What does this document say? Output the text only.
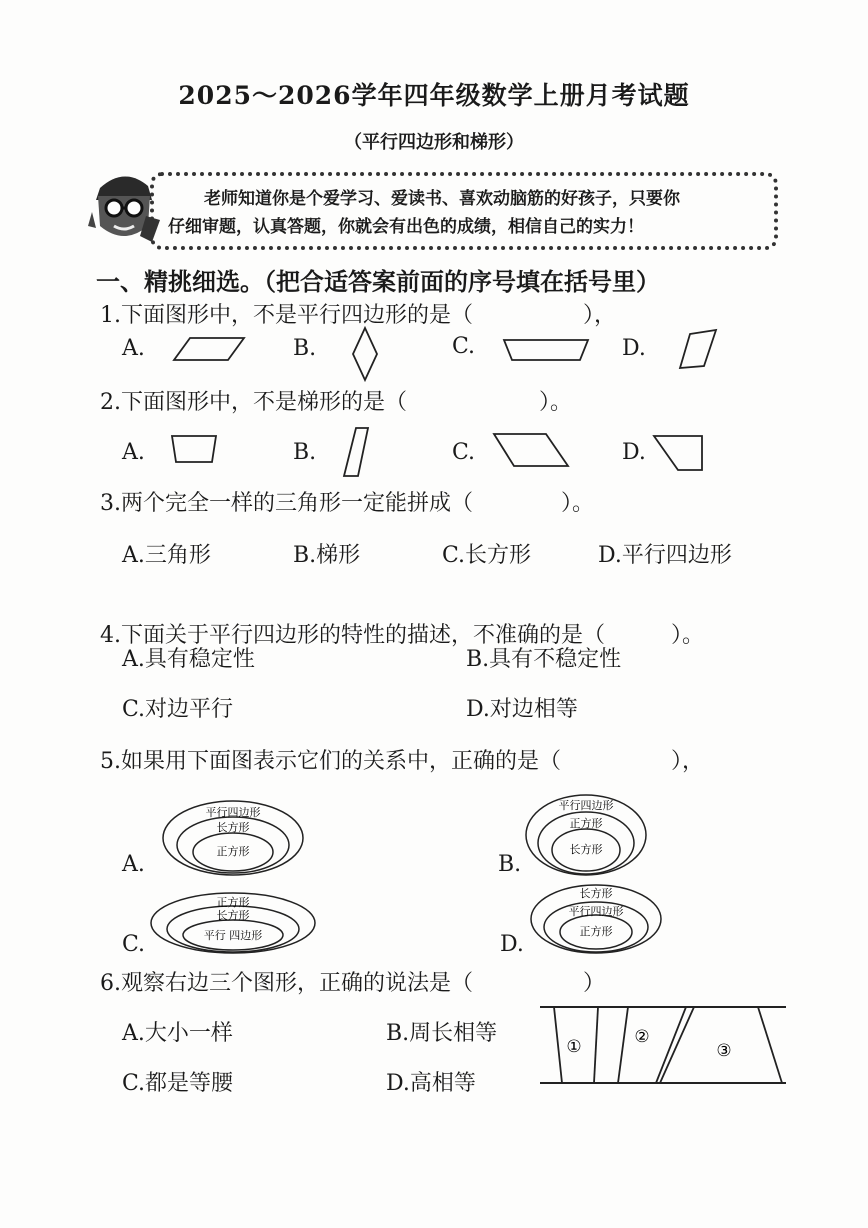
2025～2026学年四年级数学上册月考试题
（平行四边形和梯形）
老师知道你是个爱学习、爱读书、喜欢动脑筋的好孩子，只要你
仔细审题，认真答题，你就会有出色的成绩，相信自己的实力！
一、精挑细选。（把合适答案前面的序号填在括号里）
1.下面图形中，不是平行四边形的是（　　　　　），
A.	B.	C.	D.
2.下面图形中，不是梯形的是（　　　　　　）。
A.	B.	C.	D.
3.两个完全一样的三角形一定能拼成（　　　　）。
A.三角形	B.梯形	C.长方形	D.平行四边形
4.下面关于平行四边形的特性的描述，不准确的是（　　　）。
A.具有稳定性	B.具有不稳定性
C.对边平行	D.对边相等
5.如果用下面图表示它们的关系中，正确的是（　　　　　），
A.	B.
C.	D.
平行四边形
长方形
正方形
平行四边形
正方形
长方形
正方形
长方形
平行 四边形
长方形
平行四边形
正方形
6.观察右边三个图形，正确的说法是（　　　　　）
A.大小一样	B.周长相等
C.都是等腰	D.高相等
①	②
③
